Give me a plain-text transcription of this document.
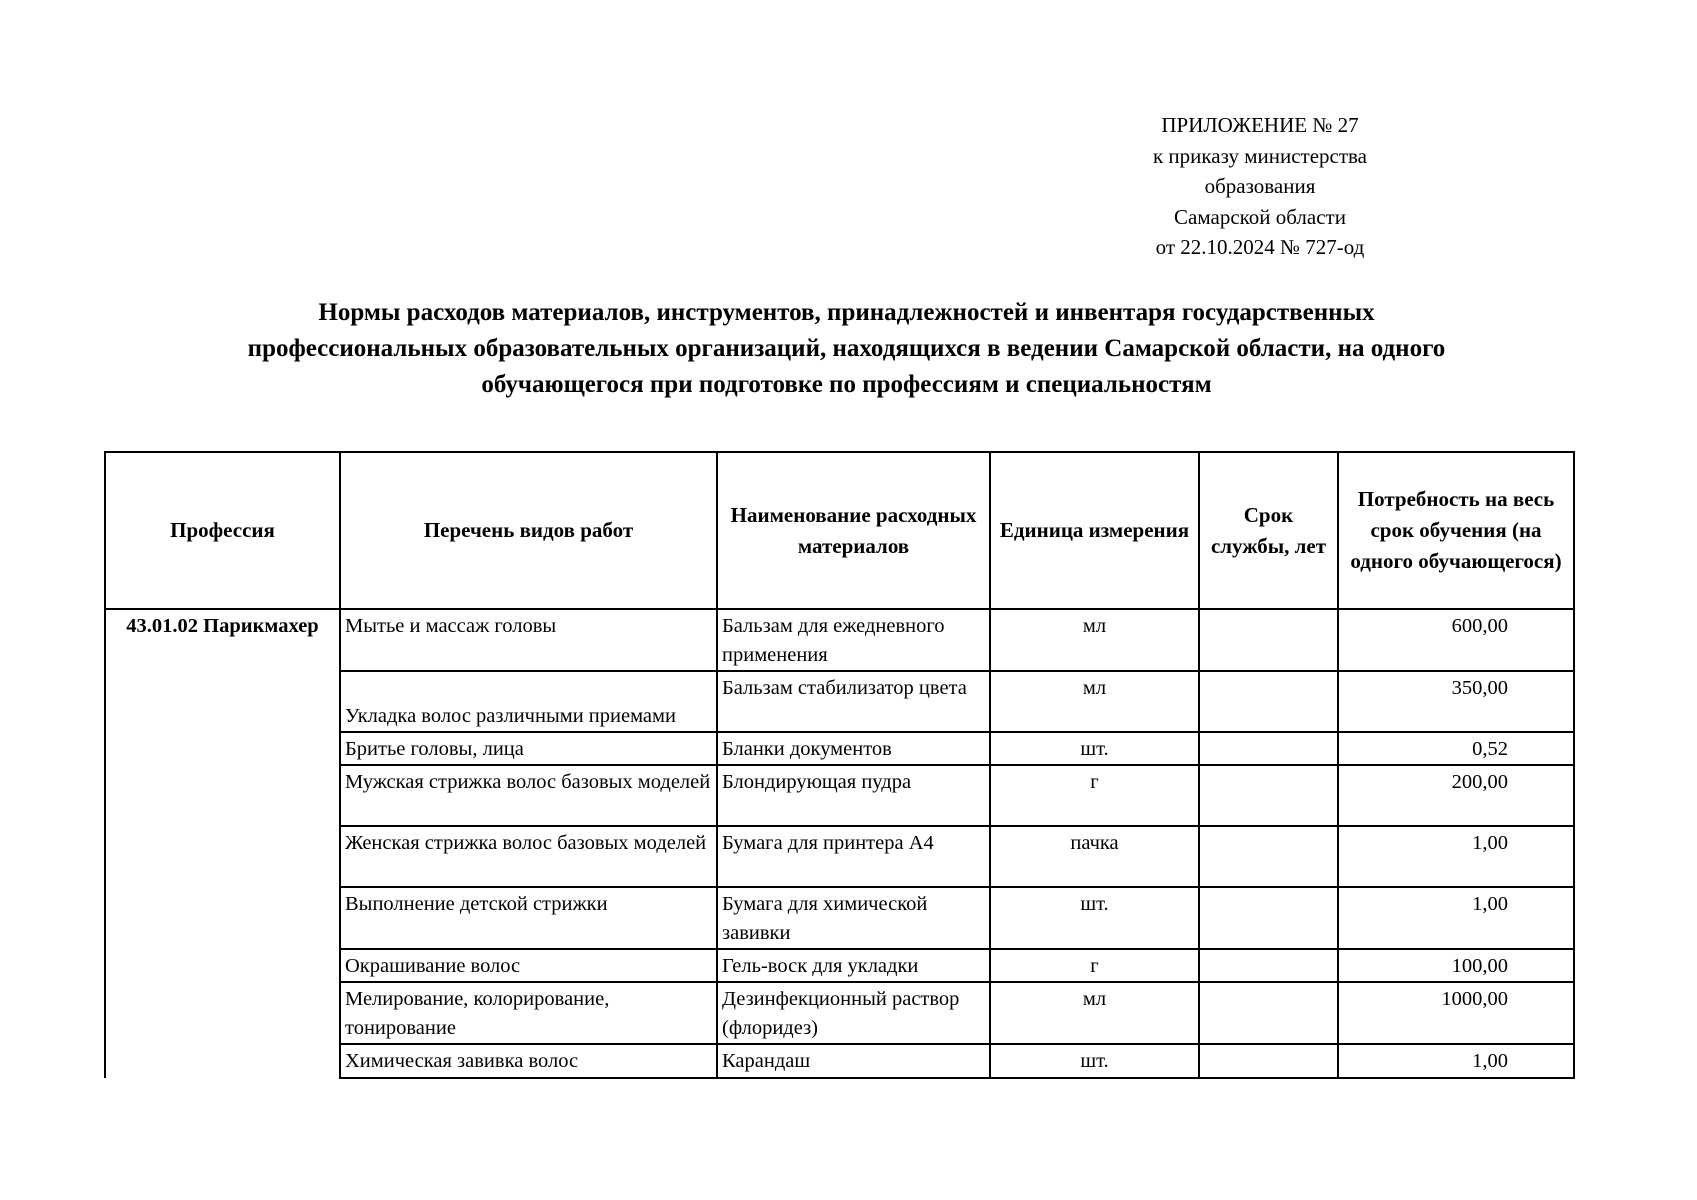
ПРИЛОЖЕНИЕ № 27
к приказу министерства
образования
Самарской области
от 22.10.2024 № 727-од
Нормы расходов материалов, инструментов, принадлежностей и инвентаря государственных
профессиональных образовательных организаций, находящихся в ведении Самарской области, на одного
обучающегося при подготовке по профессиям и специальностям
Профессия	Перечень видов работ	Наименование расходных материалов	Единица измерения	Срок службы, лет	Потребность на весь срок обучения (на одного обучающегося)
43.01.02 Парикмахер	Мытье и массаж головы	Бальзам для ежедневного применения	мл		600,00
	Укладка волос различными приемами	Бальзам стабилизатор цвета	мл		350,00
	Бритье головы, лица	Бланки документов	шт.		0,52
	Мужская стрижка волос базовых моделей	Блондирующая пудра	г		200,00
	Женская стрижка волос базовых моделей	Бумага для принтера А4	пачка		1,00
	Выполнение детской стрижки	Бумага для химической завивки	шт.		1,00
	Окрашивание волос	Гель-воск для укладки	г		100,00
	Мелирование, колорирование, тонирование	Дезинфекционный раствор (флоридез)	мл		1000,00
	Химическая завивка волос	Карандаш	шт.		1,00
